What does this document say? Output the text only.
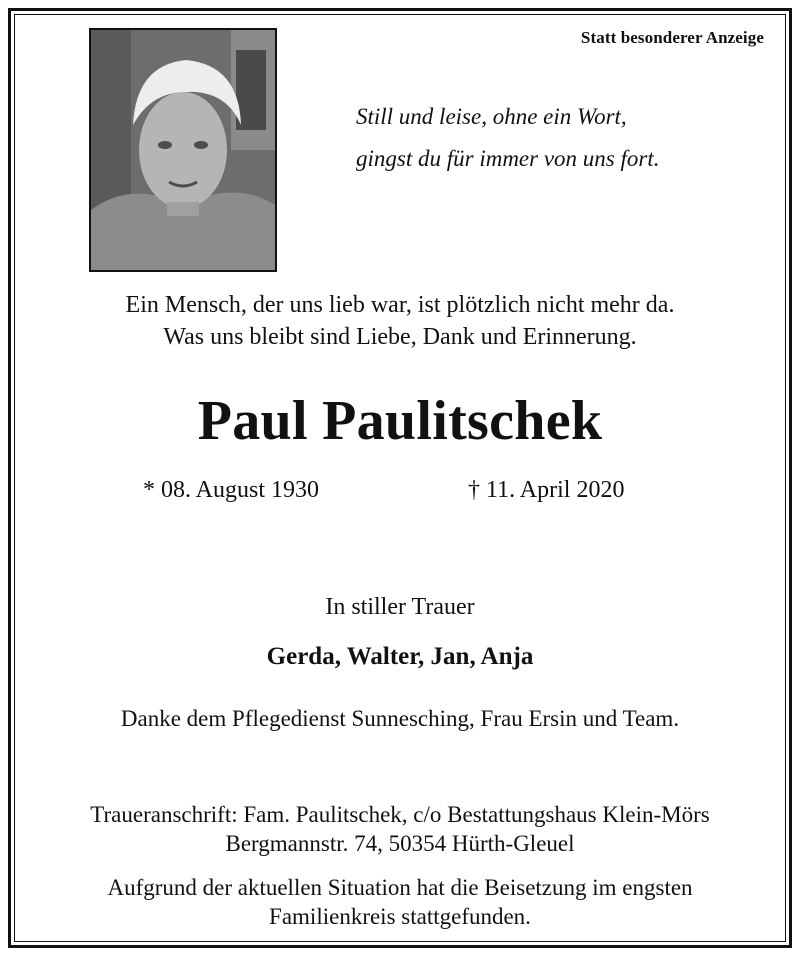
Statt besonderer Anzeige
Still und leise, ohne ein Wort,
gingst du für immer von uns fort.
Ein Mensch, der uns lieb war, ist plötzlich nicht mehr da.
Was uns bleibt sind Liebe, Dank und Erinnerung.
Paul Paulitschek
* 08. August 1930	† 11. April 2020
In stiller Trauer
Gerda, Walter, Jan, Anja
Danke dem Pflegedienst Sunnesching, Frau Ersin und Team.
Traueranschrift: Fam. Paulitschek, c/o Bestattungshaus Klein-Mörs
Bergmannstr. 74, 50354 Hürth-Gleuel
Aufgrund der aktuellen Situation hat die Beisetzung im engsten
Familienkreis stattgefunden.
